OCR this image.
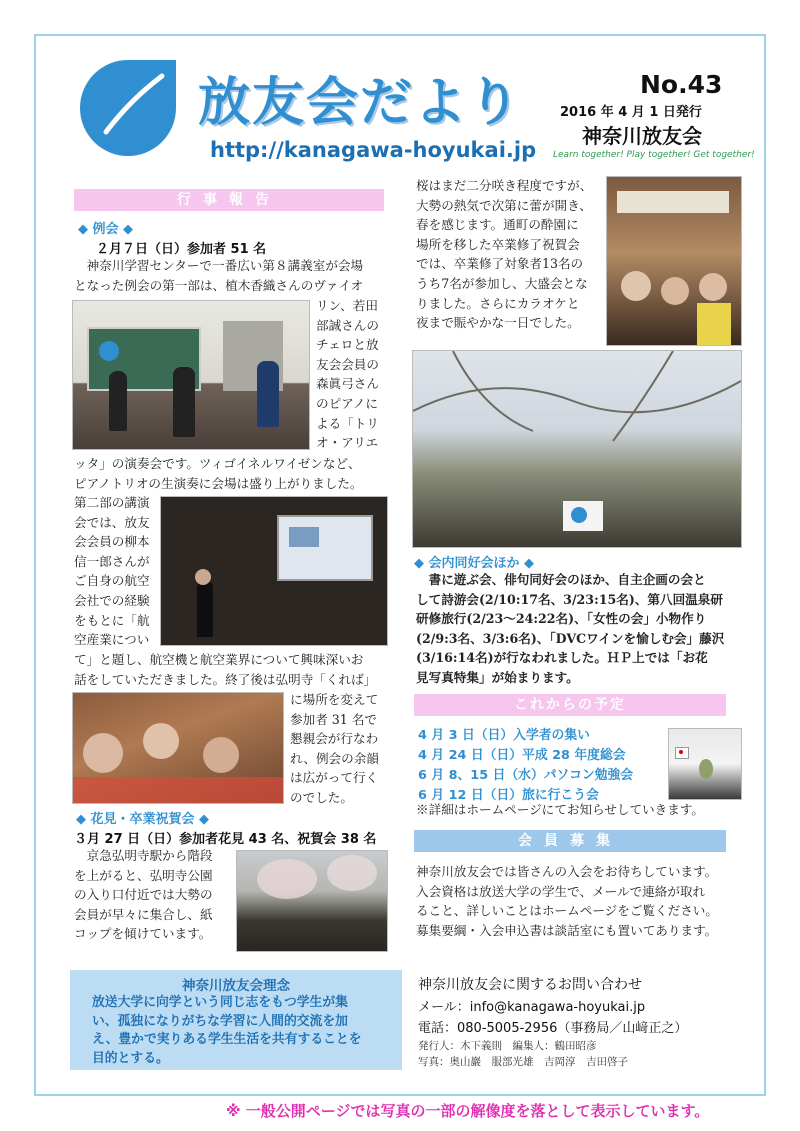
放友会だより
http://kanagawa-hoyukai.jp
No.43
2016 年 4 月 1 日発行
神奈川放友会
Learn together! Play together! Get together!
行事報告
◆ 例会 ◆
２月７日（日）参加者 51 名
　神奈川学習センターで一番広い第８講義室が会場
となった例会の第一部は、植木香織さんのヴァイオ
リン、若田
部誠さんの
チェロと放
友会会員の
森眞弓さん
のピアノに
よる「トリ
オ・アリエ
ッタ」の演奏会です。ツィゴイネルワイゼンなど、
ピアノトリオの生演奏に会場は盛り上がりました。
第二部の講演
会では、放友
会会員の柳本
信一郎さんが
ご自身の航空
会社での経験
をもとに「航
空産業につい
て」と題し、航空機と航空業界について興味深いお
話をしていただきました。終了後は弘明寺「くれば」
に場所を変えて
参加者 31 名で
懇親会が行なわ
れ、例会の余韻
は広がって行く
のでした。
◆ 花見・卒業祝賀会 ◆
３月 27 日（日）参加者花見 43 名、祝賀会 38 名
　京急弘明寺駅から階段
を上がると、弘明寺公園
の入り口付近では大勢の
会員が早々に集合し、紙
コップを傾けています。
桜はまだ二分咲き程度ですが、
大勢の熱気で次第に蕾が開き、
春を感じます。通町の酔園に
場所を移した卒業修了祝賀会
では、卒業修了対象者13名の
うち7名が参加し、大盛会とな
りました。さらにカラオケと
夜まで賑やかな一日でした。
◆ 会内同好会ほか ◆
　書に遊ぶ会、俳句同好会のほか、自主企画の会と
して詩游会(2/10:17名、3/23:15名)、第八回温泉研
研修旅行(2/23〜24:22名)、「女性の会」小物作り
(2/9:3名、3/3:6名)、「DVCワインを愉しむ会」藤沢
(3/16:14名)が行なわれました。ＨＰ上では「お花
見写真特集」が始まります。
これからの予定
4 月 3 日（日）入学者の集い
4 月 24 日（日）平成 28 年度総会
6 月 8、15 日（水）パソコン勉強会
6 月 12 日（日）旅に行こう会
※詳細はホームページにてお知らせしていきます。
会員募集
神奈川放友会では皆さんの入会をお待ちしています。
入会資格は放送大学の学生で、メールで連絡が取れ
ること、詳しいことはホームページをご覧ください。
募集要綱・入会申込書は談話室にも置いてあります。
神奈川放友会理念
放送大学に向学という同じ志をもつ学生が集
い、孤独になりがちな学習に人間的交流を加
え、豊かで実りある学生生活を共有することを
目的とする。
神奈川放友会に関するお問い合わせ
メール：info@kanagawa-hoyukai.jp
電話：080-5005-2956（事務局／山﨑正之）
発行人：木下義則　編集人：鶴田昭彦
写真：奥山巖　服部光雄　吉岡淳　吉田啓子
※ 一般公開ページでは写真の一部の解像度を落として表示しています。
